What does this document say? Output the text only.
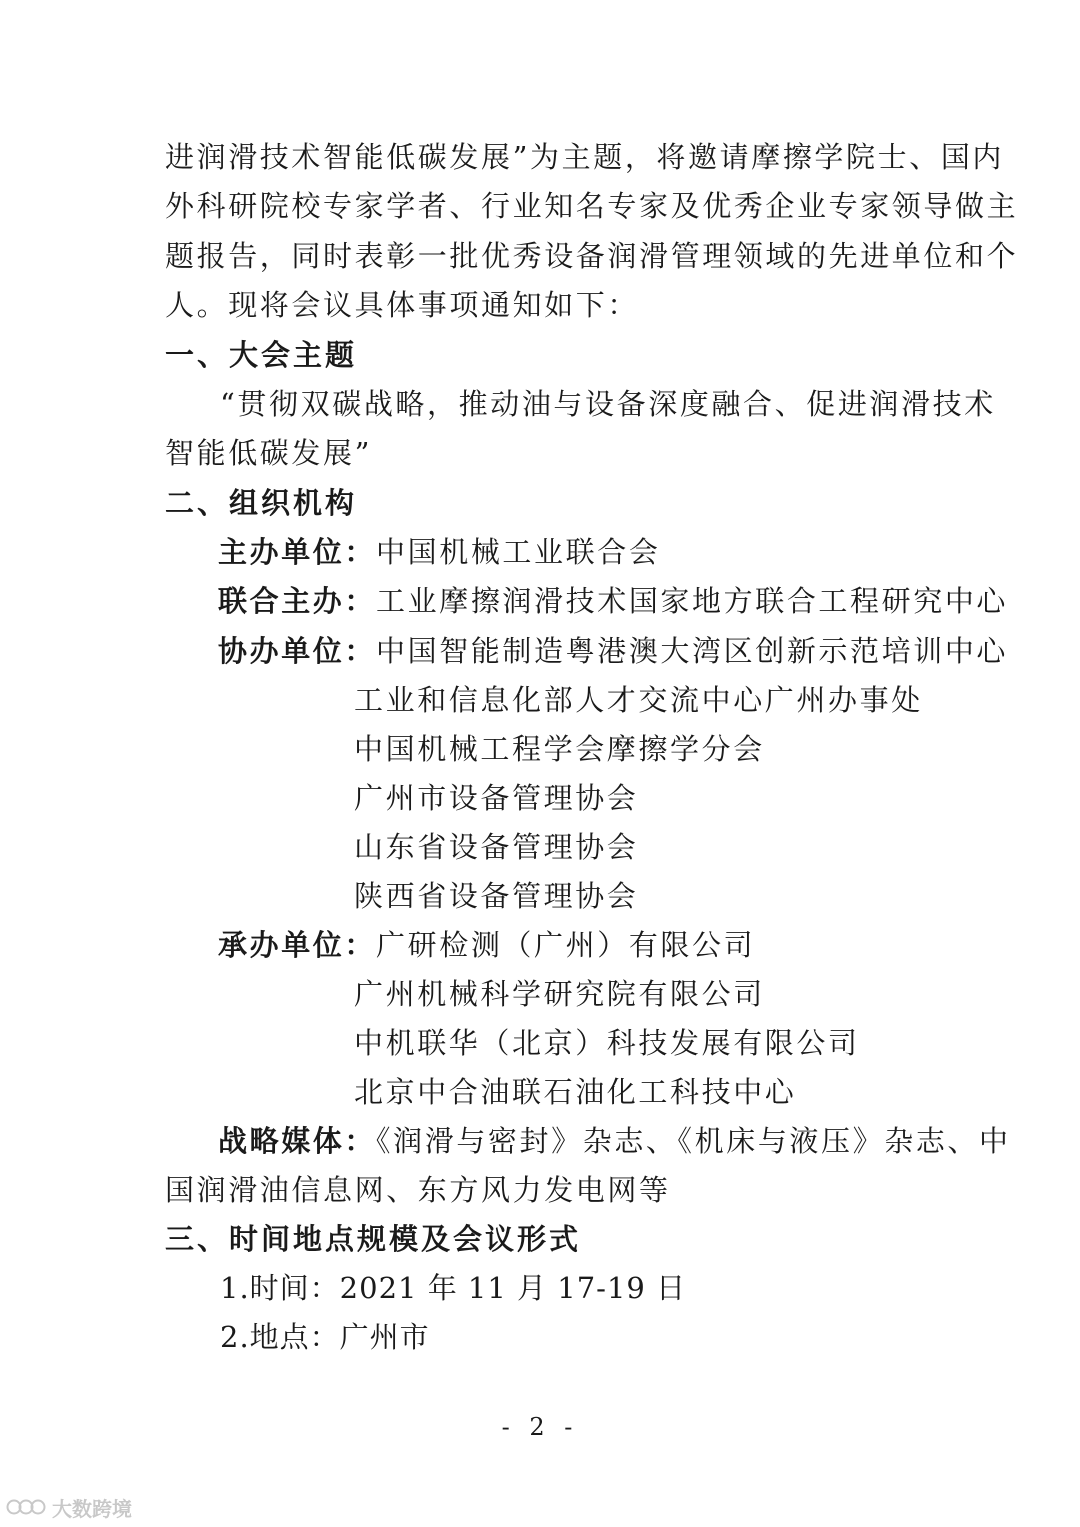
进润滑技术智能低碳发展”为主题，将邀请摩擦学院士、国内
外科研院校专家学者、行业知名专家及优秀企业专家领导做主
题报告，同时表彰一批优秀设备润滑管理领域的先进单位和个
人。现将会议具体事项通知如下：
一、大会主题
“贯彻双碳战略，推动油与设备深度融合、促进润滑技术
智能低碳发展”
二、组织机构
主办单位：中国机械工业联合会
联合主办：工业摩擦润滑技术国家地方联合工程研究中心
协办单位：中国智能制造粤港澳大湾区创新示范培训中心
工业和信息化部人才交流中心广州办事处
中国机械工程学会摩擦学分会
广州市设备管理协会
山东省设备管理协会
陕西省设备管理协会
承办单位：广研检测（广州）有限公司
广州机械科学研究院有限公司
中机联华（北京）科技发展有限公司
北京中合油联石油化工科技中心
战略媒体：《润滑与密封》杂志、《机床与液压》杂志、中
国润滑油信息网、东方风力发电网等
三、时间地点规模及会议形式
1.时间：2021 年 11 月 17-19 日
2.地点：广州市
- 2 -
大数跨境
